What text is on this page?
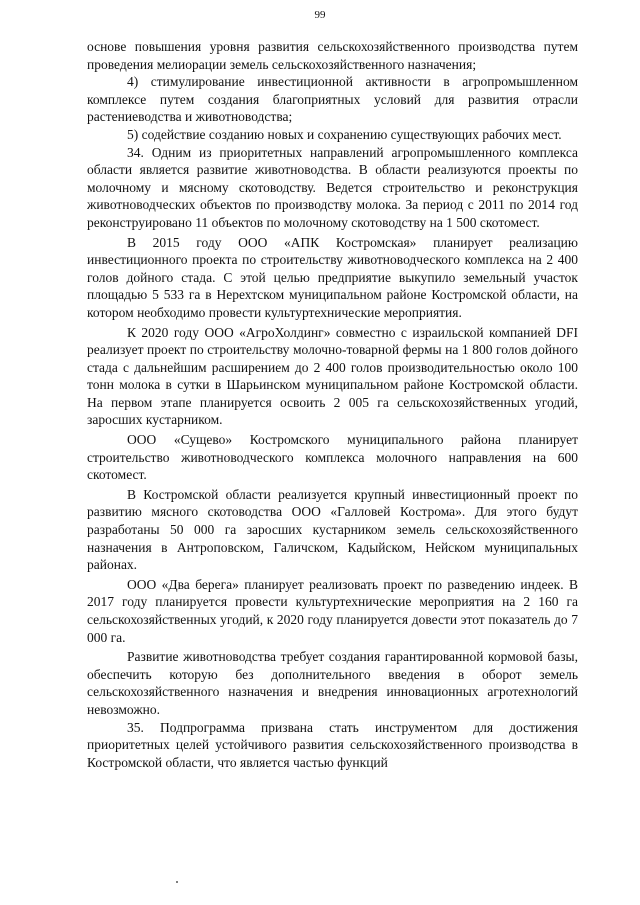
99

основе повышения уровня развития сельскохозяйственного производства путем проведения мелиорации земель сельскохозяйственного назначения;

4) стимулирование инвестиционной активности в агропромышленном комплексе путем создания благоприятных условий для развития отрасли растениеводства и животноводства;

5) содействие созданию новых и сохранению существующих рабочих мест.

34. Одним из приоритетных направлений агропромышленного комплекса области является развитие животноводства. В области реализуются проекты по молочному и мясному скотоводству. Ведется строительство и реконструкция животноводческих объектов по производству молока. За период с 2011 по 2014 год реконструировано 11 объектов по молочному скотоводству на 1 500 скотомест.

В 2015 году ООО «АПК Костромская» планирует реализацию инвестиционного проекта по строительству животноводческого комплекса на 2 400 голов дойного стада. С этой целью предприятие выкупило земельный участок площадью 5 533 га в Нерехтском муниципальном районе Костромской области, на котором необходимо провести культуртехнические мероприятия.

К 2020 году ООО «АгроХолдинг» совместно с израильской компанией DFI реализует проект по строительству молочно-товарной фермы на 1 800 голов дойного стада с дальнейшим расширением до 2 400 голов производительностью около 100 тонн молока в сутки в Шарьинском муниципальном районе Костромской области. На первом этапе планируется освоить 2 005 га сельскохозяйственных угодий, заросших кустарником.

ООО «Сущево» Костромского муниципального района планирует строительство животноводческого комплекса молочного направления на 600 скотомест.

В Костромской области реализуется крупный инвестиционный проект по развитию мясного скотоводства ООО «Галловей Кострома». Для этого будут разработаны 50 000 га заросших кустарником земель сельскохозяйственного назначения в Антроповском, Галичском, Кадыйском, Нейском муниципальных районах.

ООО «Два берега» планирует реализовать проект по разведению индеек. В 2017 году планируется провести культуртехнические мероприятия на 2 160 га сельскохозяйственных угодий, к 2020 году планируется довести этот показатель до 7 000 га.

Развитие животноводства требует создания гарантированной кормовой базы, обеспечить которую без дополнительного введения в оборот земель сельскохозяйственного назначения и внедрения инновационных агротехнологий невозможно.

35. Подпрограмма призвана стать инструментом для достижения приоритетных целей устойчивого развития сельскохозяйственного производства в Костромской области, что является частью функций
